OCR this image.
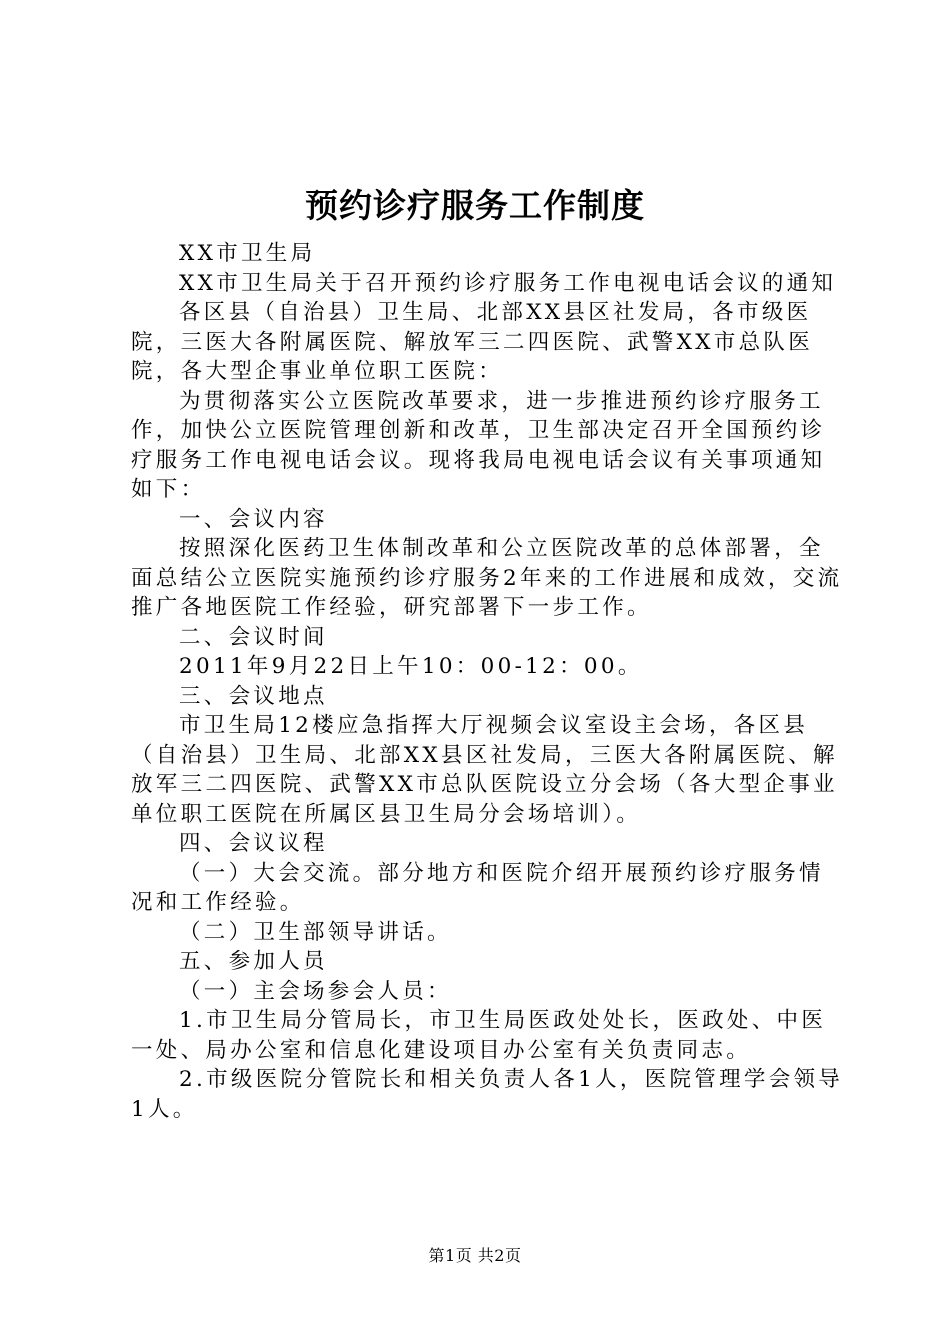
预约诊疗服务工作制度

XX市卫生局

XX市卫生局关于召开预约诊疗服务工作电视电话会议的通知

各区县（自治县）卫生局、北部XX县区社发局，各市级医院，三医大各附属医院、解放军三二四医院、武警XX市总队医院，各大型企事业单位职工医院：

为贯彻落实公立医院改革要求，进一步推进预约诊疗服务工作，加快公立医院管理创新和改革，卫生部决定召开全国预约诊疗服务工作电视电话会议。现将我局电视电话会议有关事项通知如下：

一、会议内容

按照深化医药卫生体制改革和公立医院改革的总体部署，全面总结公立医院实施预约诊疗服务2年来的工作进展和成效，交流推广各地医院工作经验，研究部署下一步工作。

二、会议时间

2011年9月22日上午10：00-12：00。

三、会议地点

市卫生局12楼应急指挥大厅视频会议室设主会场，各区县（自治县）卫生局、北部XX县区社发局，三医大各附属医院、解放军三二四医院、武警XX市总队医院设立分会场（各大型企事业单位职工医院在所属区县卫生局分会场培训）。

四、会议议程

（一）大会交流。部分地方和医院介绍开展预约诊疗服务情况和工作经验。

（二）卫生部领导讲话。

五、参加人员

（一）主会场参会人员：

1.市卫生局分管局长，市卫生局医政处处长，医政处、中医一处、局办公室和信息化建设项目办公室有关负责同志。

2.市级医院分管院长和相关负责人各1人，医院管理学会领导1人。

第1页 共2页
